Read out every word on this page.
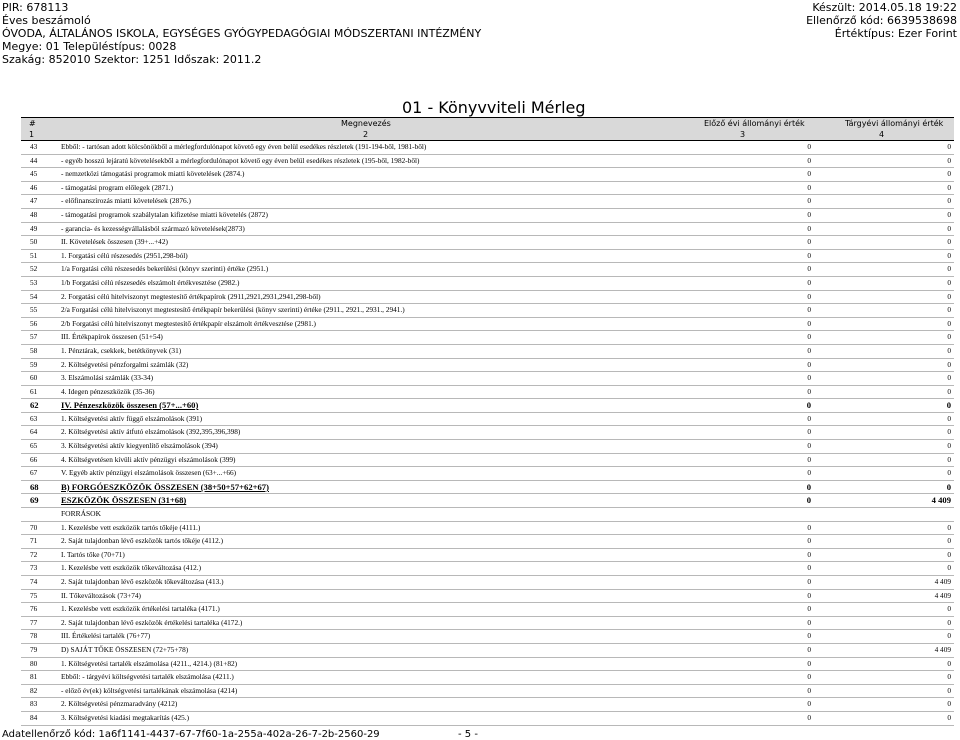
PIR: 678113
Éves beszámoló
ÓVODA, ÁLTALÁNOS ISKOLA, EGYSÉGES GYÓGYPEDAGÓGIAI MÓDSZERTANI INTÉZMÉNY
Megye: 01 Településtípus: 0028
Szakág: 852010 Szektor: 1251 Időszak: 2011.2
Készült: 2014.05.18 19:22
Ellenőrző kód: 6639538698
Értéktípus: Ezer Forint
01 - Könyvviteli Mérleg
#	Megnevezés	Előző évi állományi érték	Tárgyévi állományi érték
1	2	3	4
43	Ebből: - tartósan adott kölcsönökből a mérlegfordulónapot követő egy éven belül esedékes részletek (191-194-ből, 1981-ből)	0	0
44	- egyéb hosszú lejáratú követelésekből a mérlegfordulónapot követő egy éven belül esedékes részletek (195-ből, 1982-ből)	0	0
45	- nemzetközi támogatási programok miatti követelések (2874.)	0	0
46	- támogatási program előlegek (2871.)	0	0
47	- előfinanszírozás miatti követelések (2876.)	0	0
48	- támogatási programok szabálytalan kifizetése miatti követelés (2872)	0	0
49	- garancia- és kezességvállalásból származó követelések(2873)	0	0
50	II. Követelések összesen (39+...+42)	0	0
51	1. Forgatási célú részesedés (2951,298-ból)	0	0
52	1/a Forgatási célú részesedés bekerülési (könyv szerinti) értéke (2951.)	0	0
53	1/b Forgatási célú részesedés elszámolt értékvesztése (2982.)	0	0
54	2. Forgatási célú hitelviszonyt megtestesítő értékpapírok (2911,2921,2931,2941,298-ből)	0	0
55	2/a Forgatási célú hitelviszonyt megtestesítő értékpapír bekerülési (könyv szerinti) értéke (2911., 2921., 2931., 2941.)	0	0
56	2/b Forgatási célú hitelviszonyt megtestesítő értékpapír elszámolt értékvesztése (2981.)	0	0
57	III. Értékpapírok összesen (51+54)	0	0
58	1. Pénztárak, csekkek, betétkönyvek (31)	0	0
59	2. Költségvetési pénzforgalmi számlák (32)	0	0
60	3. Elszámolási számlák (33-34)	0	0
61	4. Idegen pénzeszközök (35-36)	0	0
62	IV. Pénzeszközök összesen (57+...+60)	0	0
63	1. Költségvetési aktív függő elszámolások (391)	0	0
64	2. Költségvetési aktív átfutó elszámolások (392,395,396,398)	0	0
65	3. Költségvetési aktív kiegyenlítő elszámolások (394)	0	0
66	4. Költségvetésen kívüli aktív pénzügyi elszámolások (399)	0	0
67	V. Egyéb aktív pénzügyi elszámolások összesen (63+...+66)	0	0
68	B) FORGÓESZKÖZÖK ÖSSZESEN (38+50+57+62+67)	0	0
69	ESZKÖZÖK ÖSSZESEN (31+68)	0	4 409
FORRÁSOK
70	1. Kezelésbe vett eszközök tartós tőkéje (4111.)	0	0
71	2. Saját tulajdonban lévő eszközök tartós tőkéje (4112.)	0	0
72	I. Tartós tőke (70+71)	0	0
73	1. Kezelésbe vett eszközök tőkeváltozása (412.)	0	0
74	2. Saját tulajdonban lévő eszközök tőkeváltozása (413.)	0	4 409
75	II. Tőkeváltozások (73+74)	0	4 409
76	1. Kezelésbe vett eszközök értékelési tartaléka (4171.)	0	0
77	2. Saját tulajdonban lévő eszközök értékelési tartaléka (4172.)	0	0
78	III. Értékelési tartalék (76+77)	0	0
79	D) SAJÁT TŐKE ÖSSZESEN (72+75+78)	0	4 409
80	1. Költségvetési tartalék elszámolása (4211., 4214.) (81+82)	0	0
81	Ebből: - tárgyévi költségvetési tartalék elszámolása (4211.)	0	0
82	- előző év(ek) költségvetési tartalékának elszámolása (4214)	0	0
83	2. Költségvetési pénzmaradvány (4212)	0	0
84	3. Költségvetési kiadási megtakarítás (425.)	0	0
Adatellenőrző kód: 1a6f1141-4437-67-7f60-1a-255a-402a-26-7-2b-2560-29	- 5 -
